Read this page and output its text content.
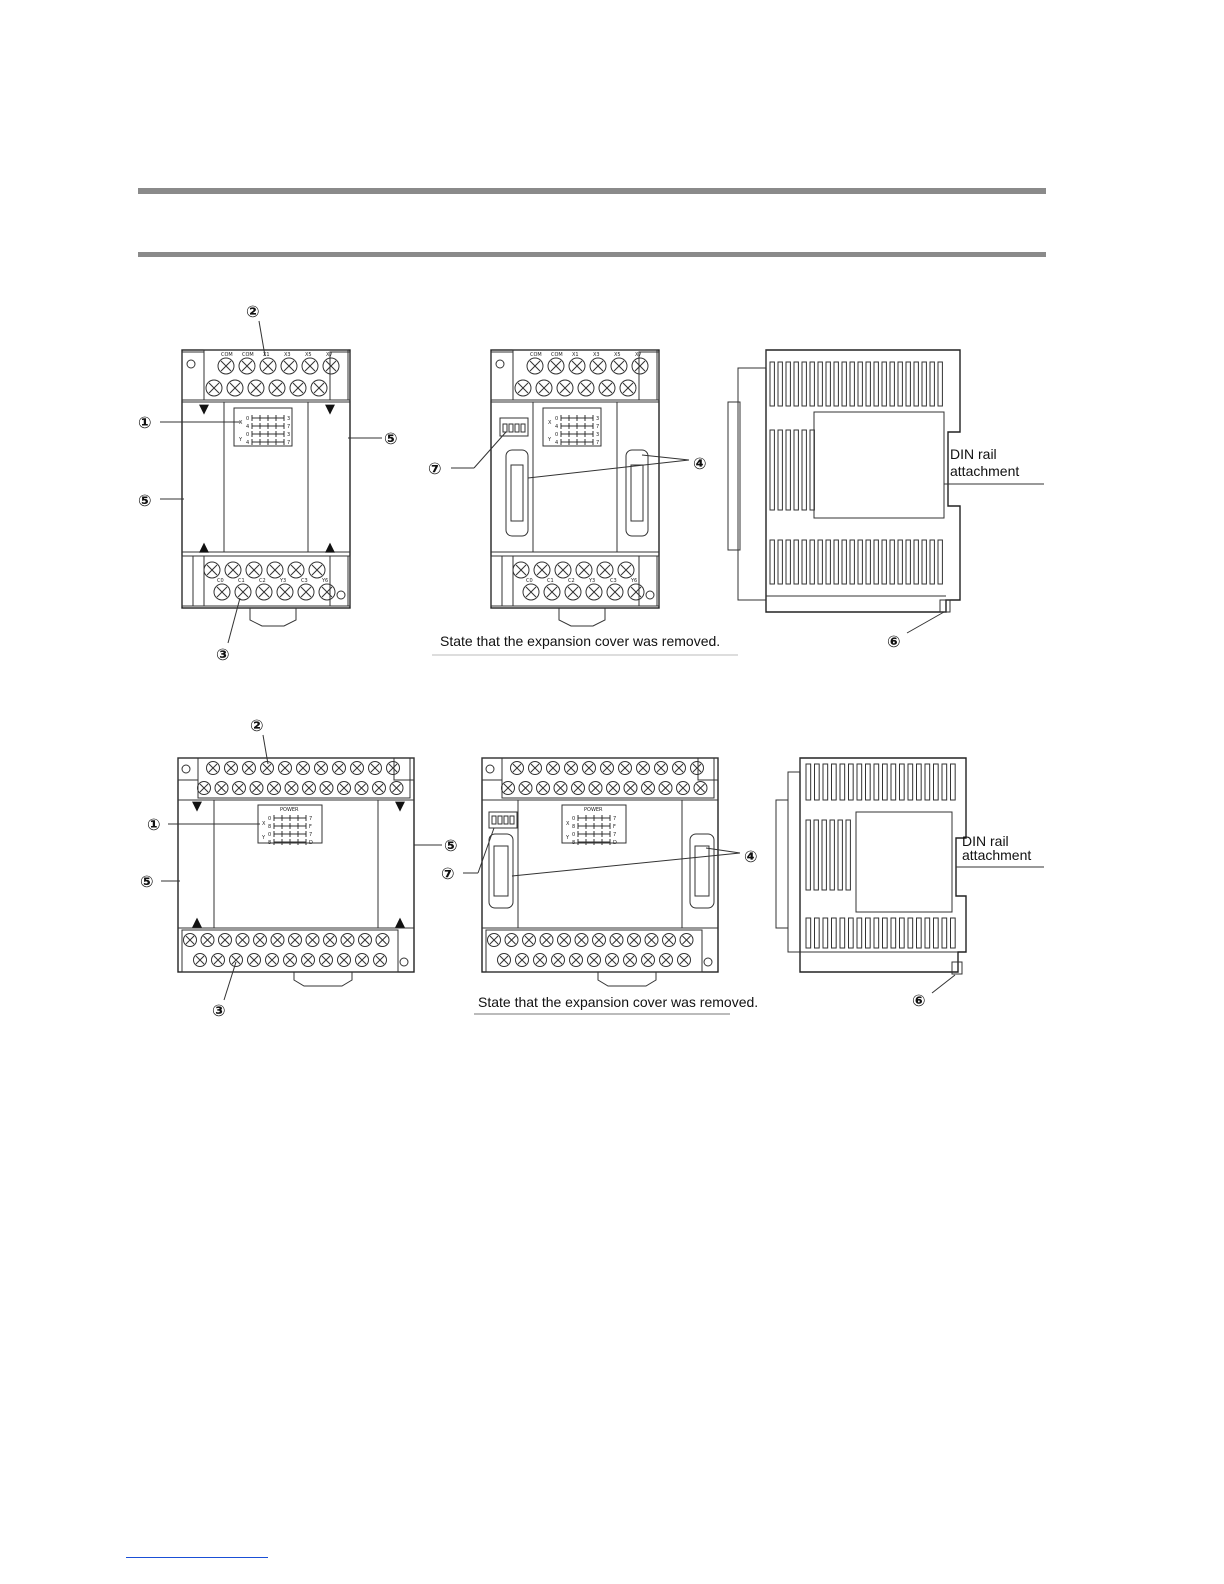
COM COM X1	X3	X5	X7
▼	▼
▲	▲
X
Y
0	3
4	7
0	3
4	7
C0	C1	C2	Y3	C3	Y6
②
①
⑤
⑤
③
COM COM X1	X3	X5	X7
X
Y
0	3
4	7
0	3
4	7
C0	C1	C2	Y3	C3	Y6
⑦	④
State that the expansion cover was removed.
DIN rail
attachment
⑥
▼	▼
▲	▲
POWER
X
Y
0	7
8	F
0	7
8	D
②
①
⑤
⑤
③
POWER
X
Y
0	7
8	F
0	7
8	D
⑦
④
State that the expansion cover was removed.
DIN rail
attachment
⑥
